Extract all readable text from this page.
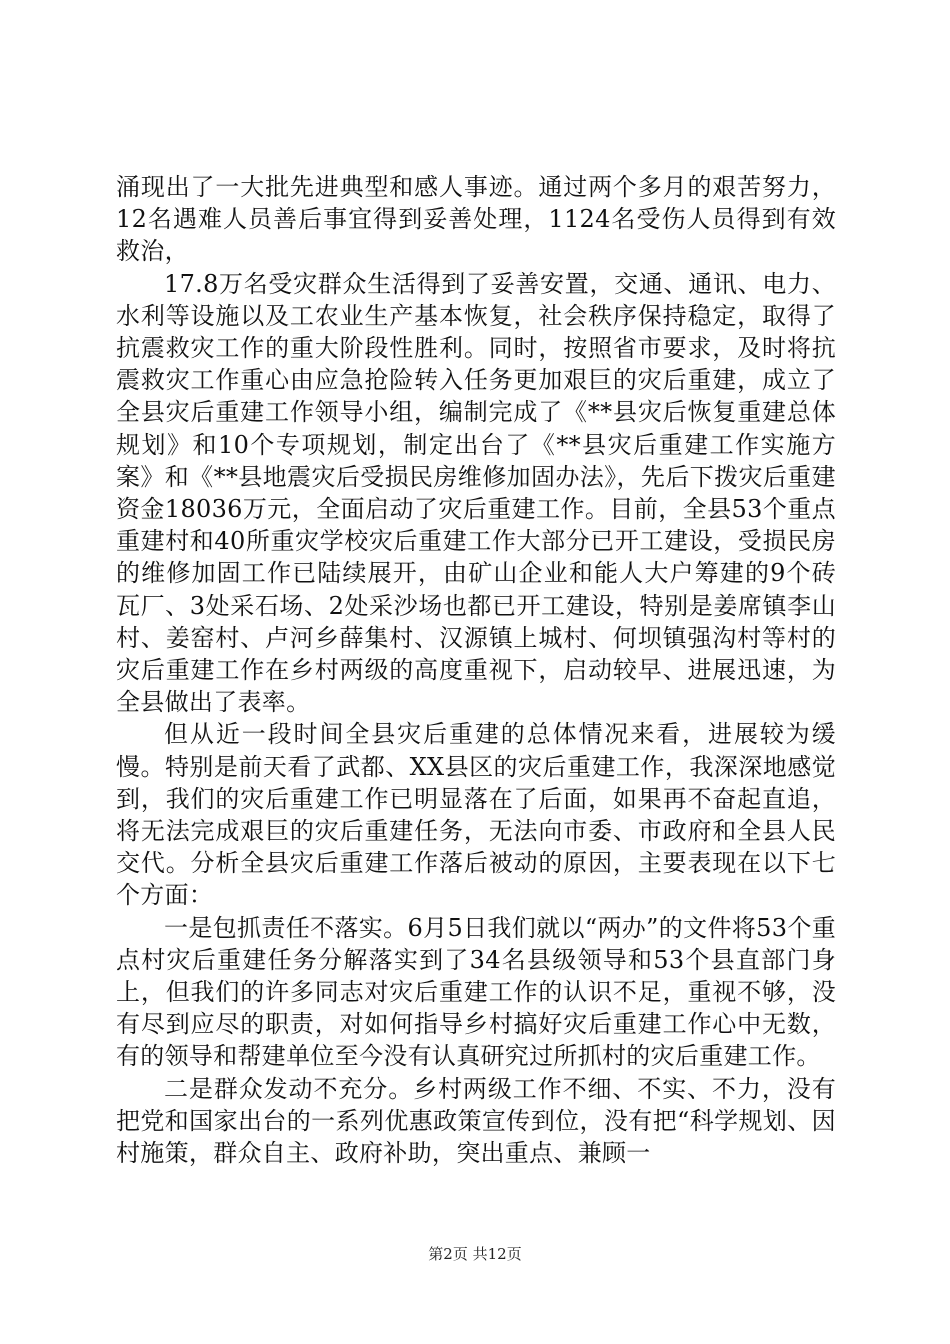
涌现出了一大批先进典型和感人事迹。通过两个多月的艰苦努力，12名遇难人员善后事宜得到妥善处理，1124名受伤人员得到有效救治，

17.8万名受灾群众生活得到了妥善安置，交通、通讯、电力、水利等设施以及工农业生产基本恢复，社会秩序保持稳定，取得了抗震救灾工作的重大阶段性胜利。同时，按照省市要求，及时将抗震救灾工作重心由应急抢险转入任务更加艰巨的灾后重建，成立了全县灾后重建工作领导小组，编制完成了《**县灾后恢复重建总体规划》和10个专项规划，制定出台了《**县灾后重建工作实施方案》和《**县地震灾后受损民房维修加固办法》，先后下拨灾后重建资金18036万元，全面启动了灾后重建工作。目前，全县53个重点重建村和40所重灾学校灾后重建工作大部分已开工建设，受损民房的维修加固工作已陆续展开，由矿山企业和能人大户筹建的9个砖瓦厂、3处采石场、2处采沙场也都已开工建设，特别是姜席镇李山村、姜窑村、卢河乡薛集村、汉源镇上城村、何坝镇强沟村等村的灾后重建工作在乡村两级的高度重视下，启动较早、进展迅速，为全县做出了表率。

但从近一段时间全县灾后重建的总体情况来看，进展较为缓慢。特别是前天看了武都、XX县区的灾后重建工作，我深深地感觉到，我们的灾后重建工作已明显落在了后面，如果再不奋起直追，将无法完成艰巨的灾后重建任务，无法向市委、市政府和全县人民交代。分析全县灾后重建工作落后被动的原因，主要表现在以下七个方面：

一是包抓责任不落实。6月5日我们就以“两办”的文件将53个重点村灾后重建任务分解落实到了34名县级领导和53个县直部门身上，但我们的许多同志对灾后重建工作的认识不足，重视不够，没有尽到应尽的职责，对如何指导乡村搞好灾后重建工作心中无数，有的领导和帮建单位至今没有认真研究过所抓村的灾后重建工作。

二是群众发动不充分。乡村两级工作不细、不实、不力，没有把党和国家出台的一系列优惠政策宣传到位，没有把“科学规划、因村施策，群众自主、政府补助，突出重点、兼顾一

第2页 共12页
